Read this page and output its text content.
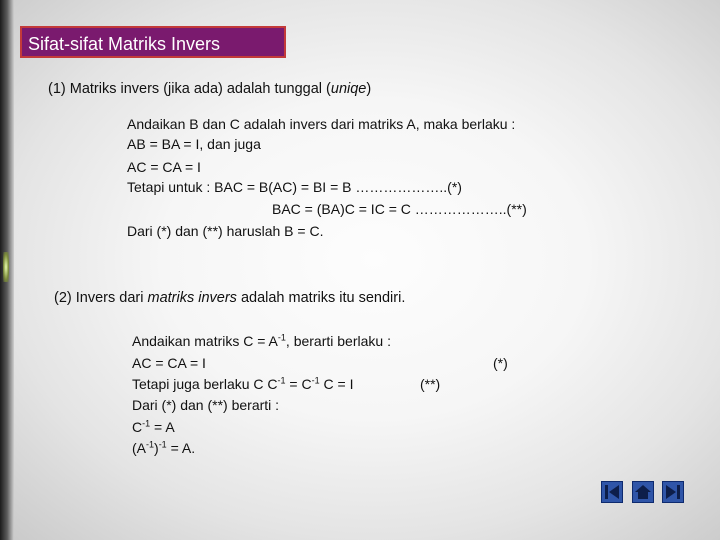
Sifat-sifat Matriks Invers
(1) Matriks invers (jika ada) adalah tunggal (uniqe)
Andaikan B dan C adalah invers dari matriks A, maka berlaku :
AB = BA = I, dan juga
AC = CA = I
Tetapi untuk : BAC = B(AC) = BI = B ………………..(*)
BAC = (BA)C = IC = C ………………..(**)
Dari (*) dan (**) haruslah B = C.
(2) Invers dari matriks invers adalah matriks itu sendiri.
Andaikan matriks $C = A^{-1}$, berarti berlaku :
AC = CA = I	(*)
Tetapi juga berlaku C $C^{-1} = C^{-1}$ C = I	(**)
Dari (*) dan (**) berarti :
$C^{-1} = A$
$(A^{-1})^{-1} = A$.
